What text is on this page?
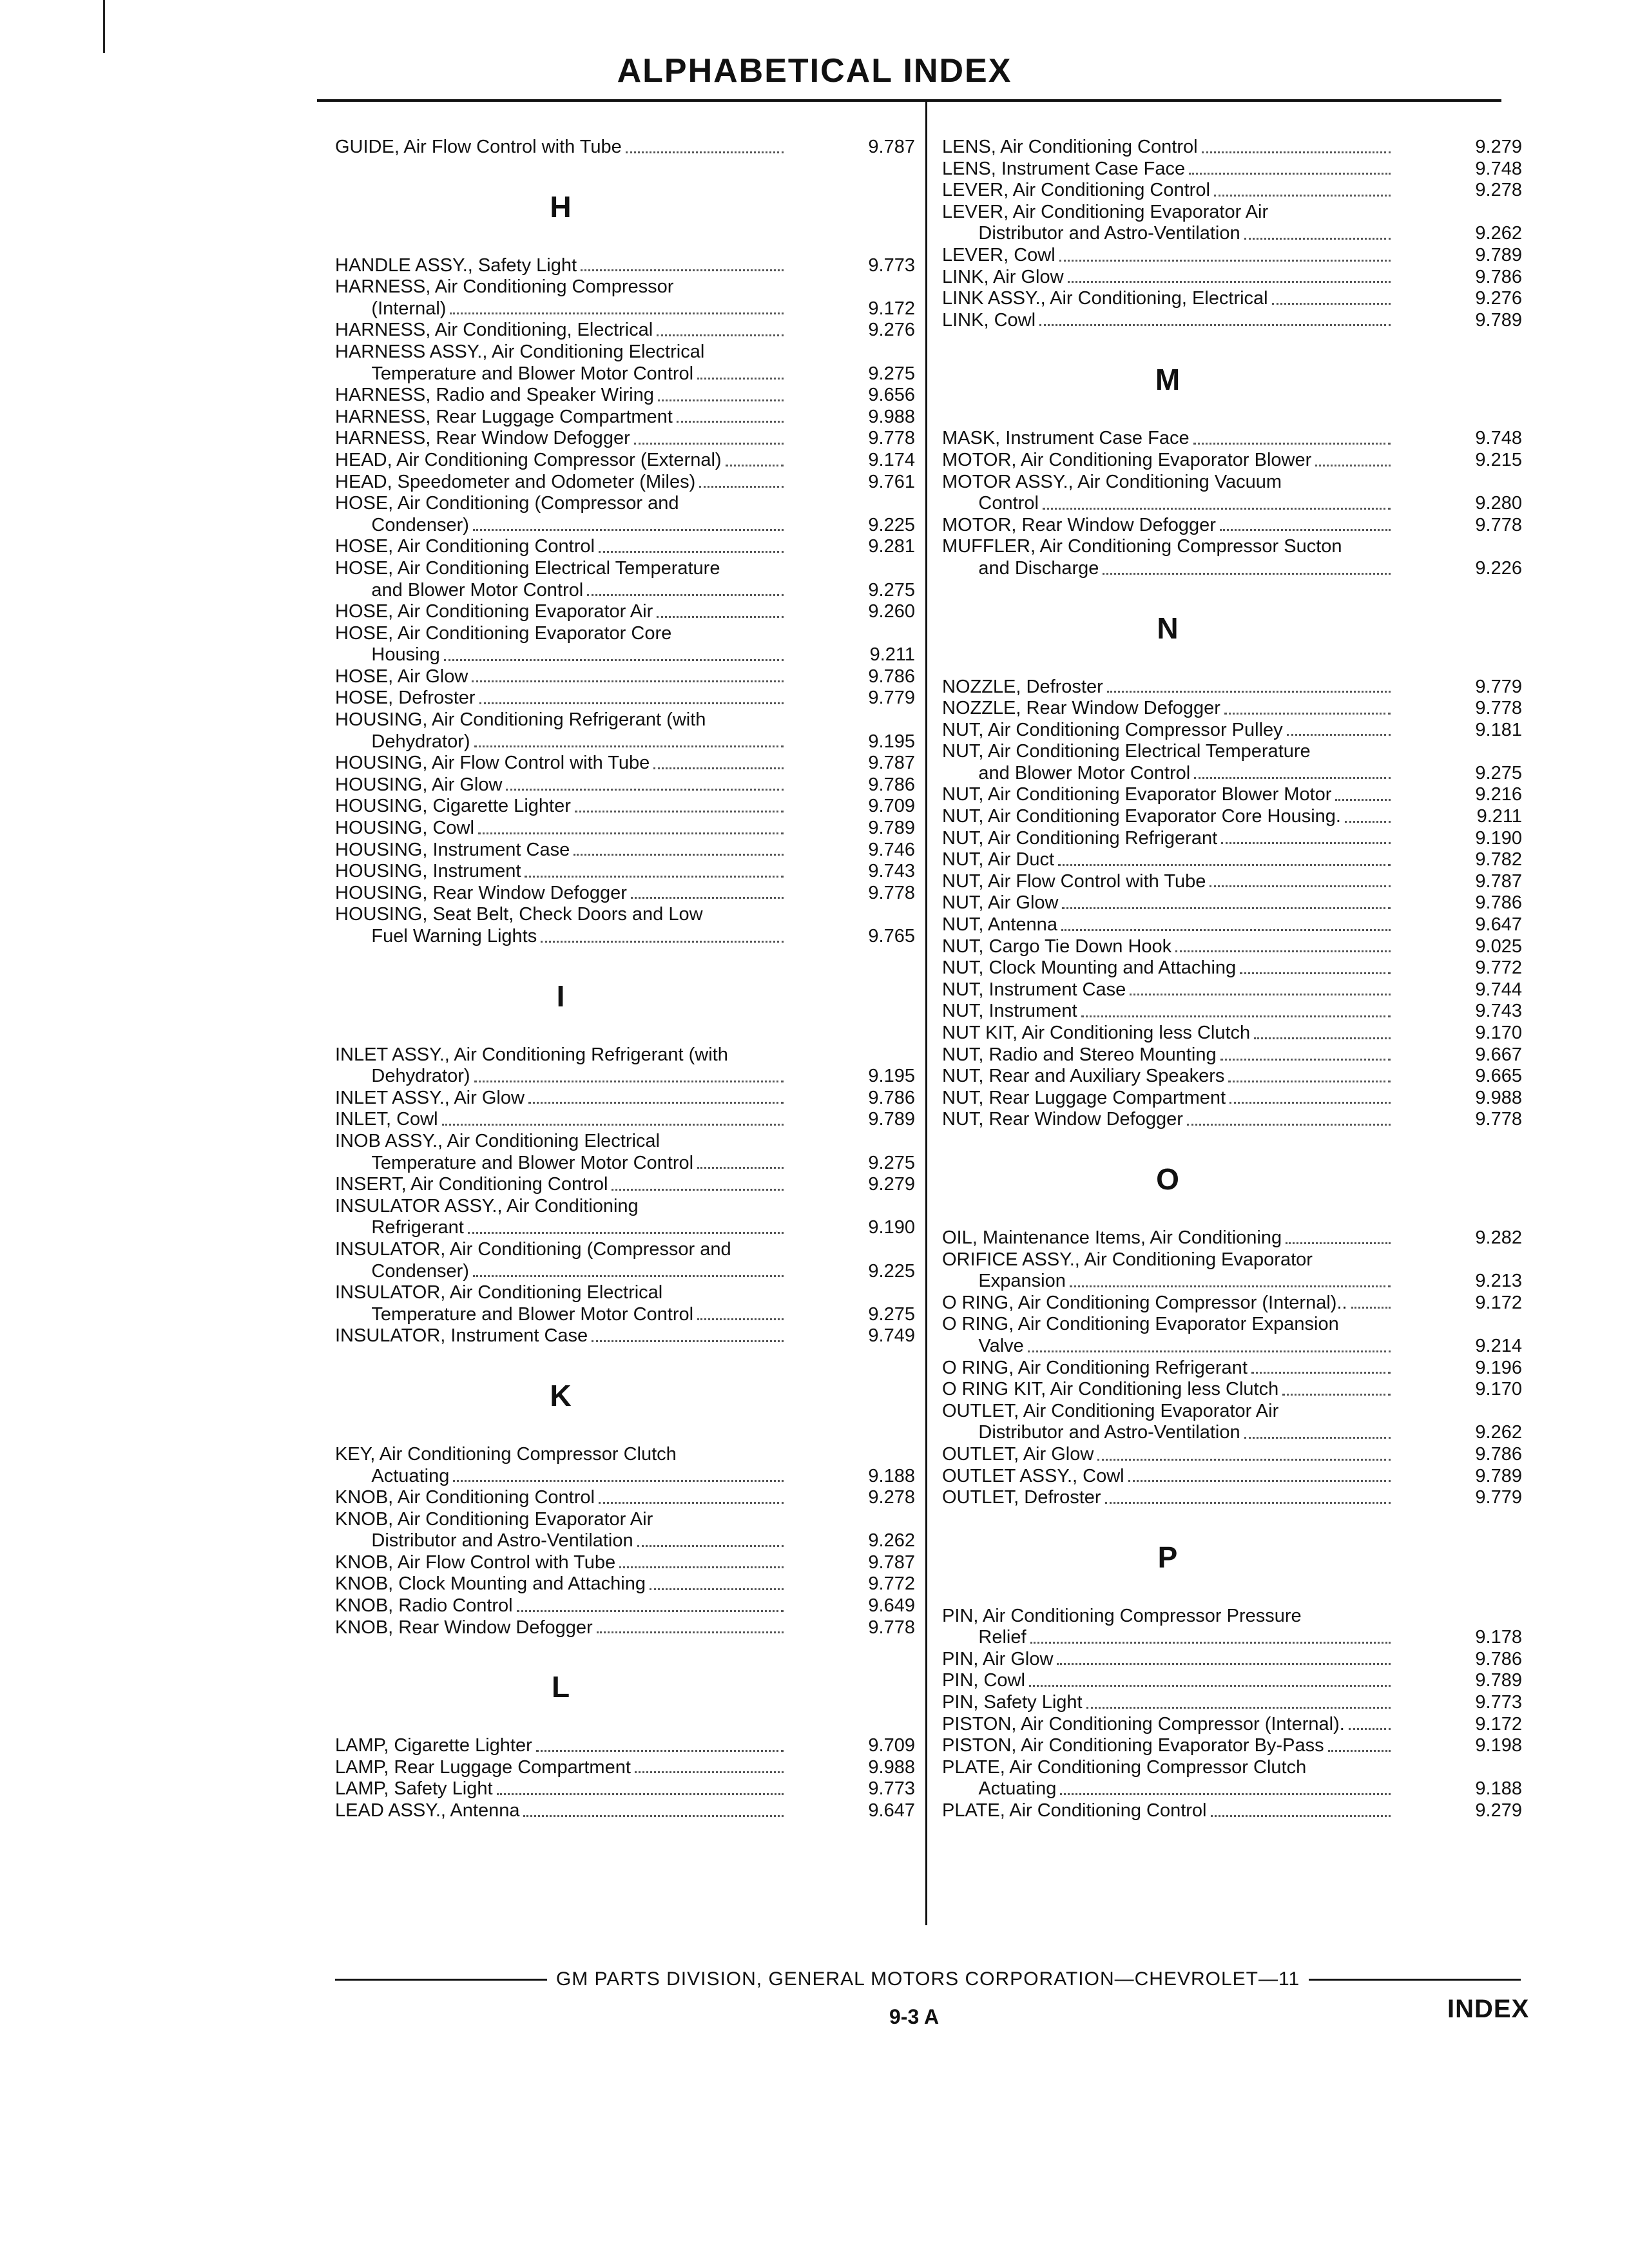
ALPHABETICAL INDEX
GUIDE, Air Flow Control with Tube	9.787
H
HANDLE ASSY., Safety Light	9.773
HARNESS, Air Conditioning Compressor
(Internal)	9.172
HARNESS, Air Conditioning, Electrical	9.276
HARNESS ASSY., Air Conditioning Electrical
Temperature and Blower Motor Control	9.275
HARNESS, Radio and Speaker Wiring	9.656
HARNESS, Rear Luggage Compartment	9.988
HARNESS, Rear Window Defogger	9.778
HEAD, Air Conditioning Compressor (External)	9.174
HEAD, Speedometer and Odometer (Miles)	9.761
HOSE, Air Conditioning (Compressor and
Condenser)	9.225
HOSE, Air Conditioning Control	9.281
HOSE, Air Conditioning Electrical Temperature
and Blower Motor Control	9.275
HOSE, Air Conditioning Evaporator Air	9.260
HOSE, Air Conditioning Evaporator Core
Housing	9.211
HOSE, Air Glow	9.786
HOSE, Defroster	9.779
HOUSING, Air Conditioning Refrigerant (with
Dehydrator)	9.195
HOUSING, Air Flow Control with Tube	9.787
HOUSING, Air Glow	9.786
HOUSING, Cigarette Lighter	9.709
HOUSING, Cowl	9.789
HOUSING, Instrument Case	9.746
HOUSING, Instrument	9.743
HOUSING, Rear Window Defogger	9.778
HOUSING, Seat Belt, Check Doors and Low
Fuel Warning Lights	9.765
I
INLET ASSY., Air Conditioning Refrigerant (with
Dehydrator)	9.195
INLET ASSY., Air Glow	9.786
INLET, Cowl	9.789
INOB ASSY., Air Conditioning Electrical
Temperature and Blower Motor Control	9.275
INSERT, Air Conditioning Control	9.279
INSULATOR ASSY., Air Conditioning
Refrigerant	9.190
INSULATOR, Air Conditioning (Compressor and
Condenser)	9.225
INSULATOR, Air Conditioning Electrical
Temperature and Blower Motor Control	9.275
INSULATOR, Instrument Case	9.749
K
KEY, Air Conditioning Compressor Clutch
Actuating	9.188
KNOB, Air Conditioning Control	9.278
KNOB, Air Conditioning Evaporator Air
Distributor and Astro-Ventilation	9.262
KNOB, Air Flow Control with Tube	9.787
KNOB, Clock Mounting and Attaching	9.772
KNOB, Radio Control	9.649
KNOB, Rear Window Defogger	9.778
L
LAMP, Cigarette Lighter	9.709
LAMP, Rear Luggage Compartment	9.988
LAMP, Safety Light	9.773
LEAD ASSY., Antenna	9.647
LENS, Air Conditioning Control	9.279
LENS, Instrument Case Face	9.748
LEVER, Air Conditioning Control	9.278
LEVER, Air Conditioning Evaporator Air
Distributor and Astro-Ventilation	9.262
LEVER, Cowl	9.789
LINK, Air Glow	9.786
LINK ASSY., Air Conditioning, Electrical	9.276
LINK, Cowl	9.789
M
MASK, Instrument Case Face	9.748
MOTOR, Air Conditioning Evaporator Blower	9.215
MOTOR ASSY., Air Conditioning Vacuum
Control	9.280
MOTOR, Rear Window Defogger	9.778
MUFFLER, Air Conditioning Compressor Sucton
and Discharge	9.226
N
NOZZLE, Defroster	9.779
NOZZLE, Rear Window Defogger	9.778
NUT, Air Conditioning Compressor Pulley	9.181
NUT, Air Conditioning Electrical Temperature
and Blower Motor Control	9.275
NUT, Air Conditioning Evaporator Blower Motor	9.216
NUT, Air Conditioning Evaporator Core Housing.	9.211
NUT, Air Conditioning Refrigerant	9.190
NUT, Air Duct	9.782
NUT, Air Flow Control with Tube	9.787
NUT, Air Glow	9.786
NUT, Antenna	9.647
NUT, Cargo Tie Down Hook	9.025
NUT, Clock Mounting and Attaching	9.772
NUT, Instrument Case	9.744
NUT, Instrument	9.743
NUT KIT, Air Conditioning less Clutch	9.170
NUT, Radio and Stereo Mounting	9.667
NUT, Rear and Auxiliary Speakers	9.665
NUT, Rear Luggage Compartment	9.988
NUT, Rear Window Defogger	9.778
O
OIL, Maintenance Items, Air Conditioning	9.282
ORIFICE ASSY., Air Conditioning Evaporator
Expansion	9.213
O RING, Air Conditioning Compressor (Internal)..	9.172
O RING, Air Conditioning Evaporator Expansion
Valve	9.214
O RING, Air Conditioning Refrigerant	9.196
O RING KIT, Air Conditioning less Clutch	9.170
OUTLET, Air Conditioning Evaporator Air
Distributor and Astro-Ventilation	9.262
OUTLET, Air Glow	9.786
OUTLET ASSY., Cowl	9.789
OUTLET, Defroster	9.779
P
PIN, Air Conditioning Compressor Pressure
Relief	9.178
PIN, Air Glow	9.786
PIN, Cowl	9.789
PIN, Safety Light	9.773
PISTON, Air Conditioning Compressor (Internal).	9.172
PISTON, Air Conditioning Evaporator By-Pass	9.198
PLATE, Air Conditioning Compressor Clutch
Actuating	9.188
PLATE, Air Conditioning Control	9.279
GM PARTS DIVISION, GENERAL MOTORS CORPORATION—CHEVROLET—11
9-3 A	INDEX
